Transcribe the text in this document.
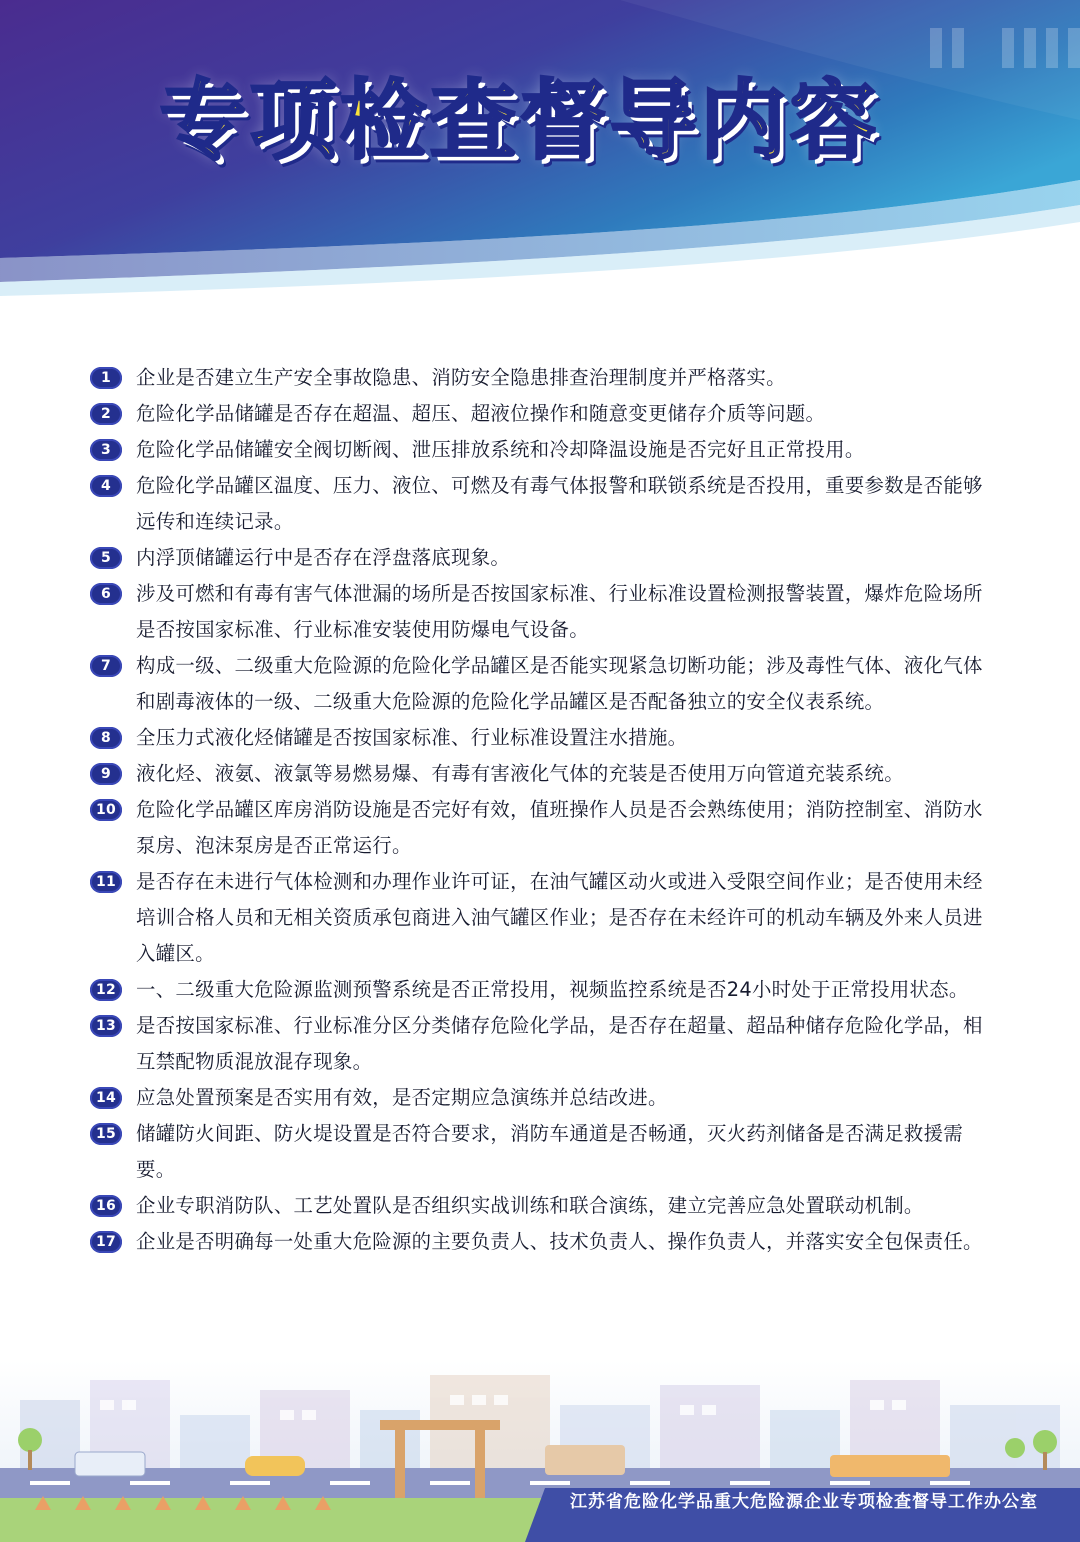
专项检查督导内容
1	企业是否建立生产安全事故隐患、消防安全隐患排查治理制度并严格落实。
2	危险化学品储罐是否存在超温、超压、超液位操作和随意变更储存介质等问题。
3	危险化学品储罐安全阀切断阀、泄压排放系统和冷却降温设施是否完好且正常投用。
4	危险化学品罐区温度、压力、液位、可燃及有毒气体报警和联锁系统是否投用，重要参数是否能够远传和连续记录。
5	内浮顶储罐运行中是否存在浮盘落底现象。
6	涉及可燃和有毒有害气体泄漏的场所是否按国家标准、行业标准设置检测报警装置，爆炸危险场所是否按国家标准、行业标准安装使用防爆电气设备。
7	构成一级、二级重大危险源的危险化学品罐区是否能实现紧急切断功能；涉及毒性气体、液化气体和剧毒液体的一级、二级重大危险源的危险化学品罐区是否配备独立的安全仪表系统。
8	全压力式液化烃储罐是否按国家标准、行业标准设置注水措施。
9	液化烃、液氨、液氯等易燃易爆、有毒有害液化气体的充装是否使用万向管道充装系统。
10	危险化学品罐区库房消防设施是否完好有效，值班操作人员是否会熟练使用；消防控制室、消防水泵房、泡沫泵房是否正常运行。
11	是否存在未进行气体检测和办理作业许可证，在油气罐区动火或进入受限空间作业；是否使用未经培训合格人员和无相关资质承包商进入油气罐区作业；是否存在未经许可的机动车辆及外来人员进入罐区。
12	一、二级重大危险源监测预警系统是否正常投用，视频监控系统是否24小时处于正常投用状态。
13	是否按国家标准、行业标准分区分类储存危险化学品，是否存在超量、超品种储存危险化学品，相互禁配物质混放混存现象。
14	应急处置预案是否实用有效，是否定期应急演练并总结改进。
15	储罐防火间距、防火堤设置是否符合要求，消防车通道是否畅通，灭火药剂储备是否满足救援需要。
16	企业专职消防队、工艺处置队是否组织实战训练和联合演练，建立完善应急处置联动机制。
17	企业是否明确每一处重大危险源的主要负责人、技术负责人、操作负责人，并落实安全包保责任。
江苏省危险化学品重大危险源企业专项检查督导工作办公室
